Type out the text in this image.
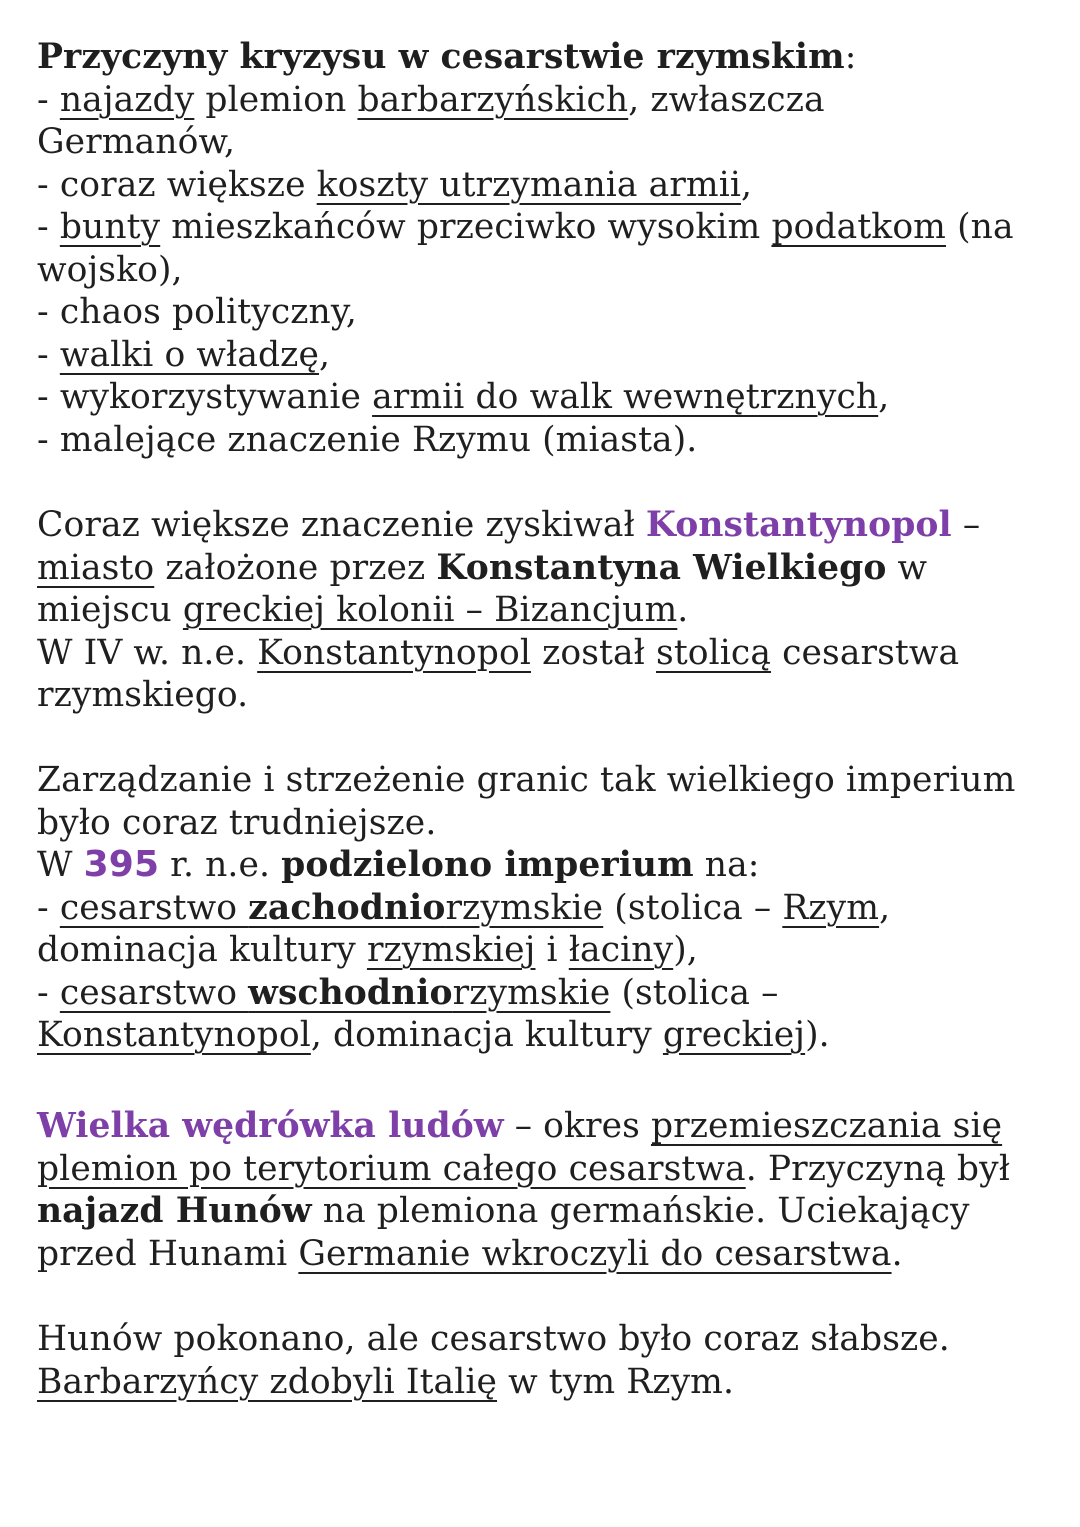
Przyczyny kryzysu w cesarstwie rzymskim:
- najazdy plemion barbarzyńskich, zwłaszcza
Germanów,
- coraz większe koszty utrzymania armii,
- bunty mieszkańców przeciwko wysokim podatkom (na
wojsko),
- chaos polityczny,
- walki o władzę,
- wykorzystywanie armii do walk wewnętrznych,
- malejące znaczenie Rzymu (miasta).
Coraz większe znaczenie zyskiwał Konstantynopol –
miasto założone przez Konstantyna Wielkiego w
miejscu greckiej kolonii – Bizancjum.
W IV w. n.e. Konstantynopol został stolicą cesarstwa
rzymskiego.
Zarządzanie i strzeżenie granic tak wielkiego imperium
było coraz trudniejsze.
W 395 r. n.e. podzielono imperium na:
- cesarstwo zachodniorzymskie (stolica – Rzym,
dominacja kultury rzymskiej i łaciny),
- cesarstwo wschodniorzymskie (stolica –
Konstantynopol, dominacja kultury greckiej).
Wielka wędrówka ludów – okres przemieszczania się
plemion po terytorium całego cesarstwa. Przyczyną był
najazd Hunów na plemiona germańskie. Uciekający
przed Hunami Germanie wkroczyli do cesarstwa.
Hunów pokonano, ale cesarstwo było coraz słabsze.
Barbarzyńcy zdobyli Italię w tym Rzym.
